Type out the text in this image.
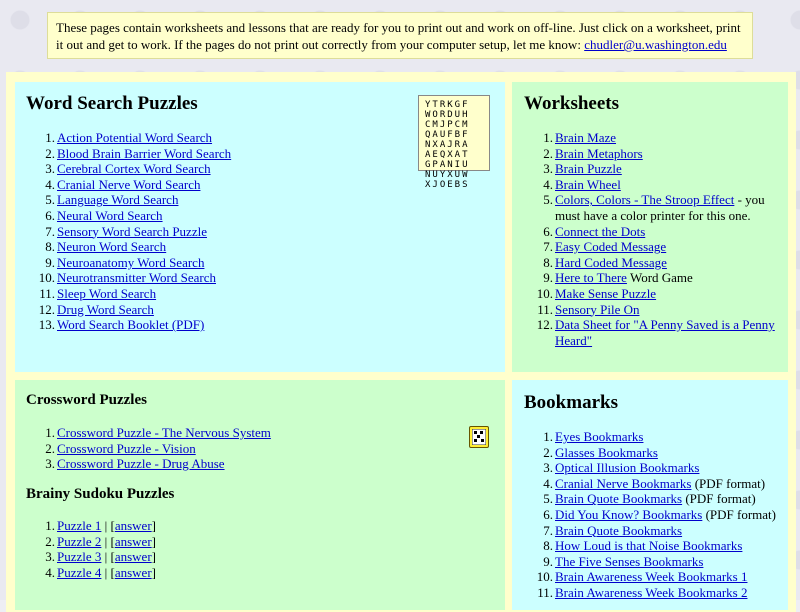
These pages contain worksheets and lessons that are ready for you to print out and work on off-line. Just click on a worksheet, print it out and get to work. If the pages do not print out correctly from your computer setup, let me know: chudler@u.washington.edu
Word Search Puzzles	YTRKGF
WORDUH
CMJPCM
QAUFBF
NXAJRA
AEQXAT
GPANIU
NUYXUW
XJOEBS
1. Action Potential Word Search
2. Blood Brain Barrier Word Search
3. Cerebral Cortex Word Search
4. Cranial Nerve Word Search
5. Language Word Search
6. Neural Word Search
7. Sensory Word Search Puzzle
8. Neuron Word Search
9. Neuroanatomy Word Search
10. Neurotransmitter Word Search
11. Sleep Word Search
12. Drug Word Search
13. Word Search Booklet (PDF)
Worksheets
1. Brain Maze
2. Brain Metaphors
3. Brain Puzzle
4. Brain Wheel
5. Colors, Colors - The Stroop Effect - you must have a color printer for this one.
6. Connect the Dots
7. Easy Coded Message
8. Hard Coded Message
9. Here to There Word Game
10. Make Sense Puzzle
11. Sensory Pile On
12. Data Sheet for "A Penny Saved is a Penny Heard"
Crossword Puzzles
1. Crossword Puzzle - The Nervous System
2. Crossword Puzzle - Vision
3. Crossword Puzzle - Drug Abuse
Brainy Sudoku Puzzles
1. Puzzle 1 | [answer]
2. Puzzle 2 | [answer]
3. Puzzle 3 | [answer]
4. Puzzle 4 | [answer]
Bookmarks
1. Eyes Bookmarks
2. Glasses Bookmarks
3. Optical Illusion Bookmarks
4. Cranial Nerve Bookmarks (PDF format)
5. Brain Quote Bookmarks (PDF format)
6. Did You Know? Bookmarks (PDF format)
7. Brain Quote Bookmarks
8. How Loud is that Noise Bookmarks
9. The Five Senses Bookmarks
10. Brain Awareness Week Bookmarks 1
11. Brain Awareness Week Bookmarks 2
